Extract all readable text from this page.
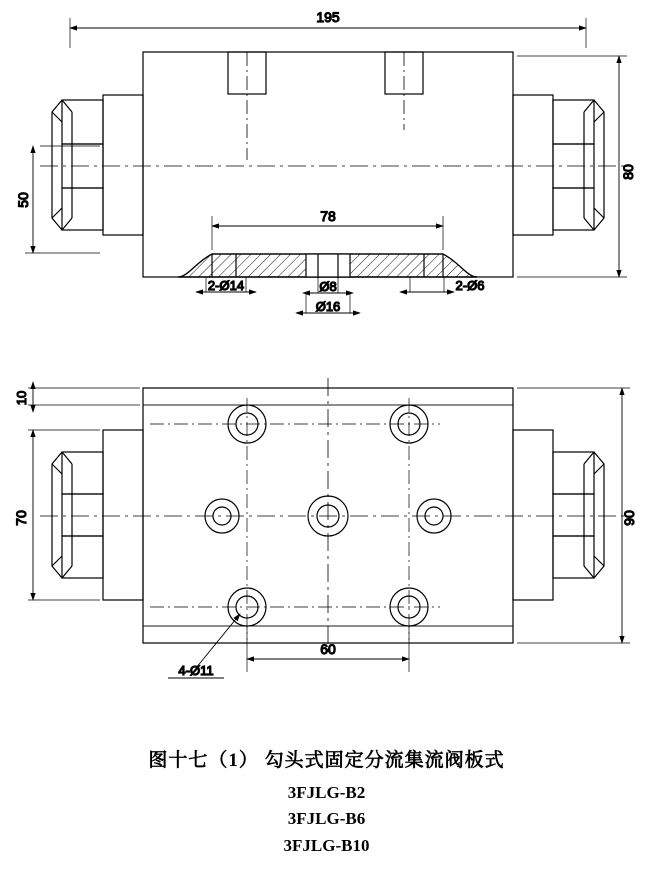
195
80
50
78
2-Ø14	Ø8
Ø16
2-Ø6
10
70	90
60
4-Ø11
图十七（1） 勾头式固定分流集流阀板式
3FJLG-B2
3FJLG-B6
3FJLG-B10
